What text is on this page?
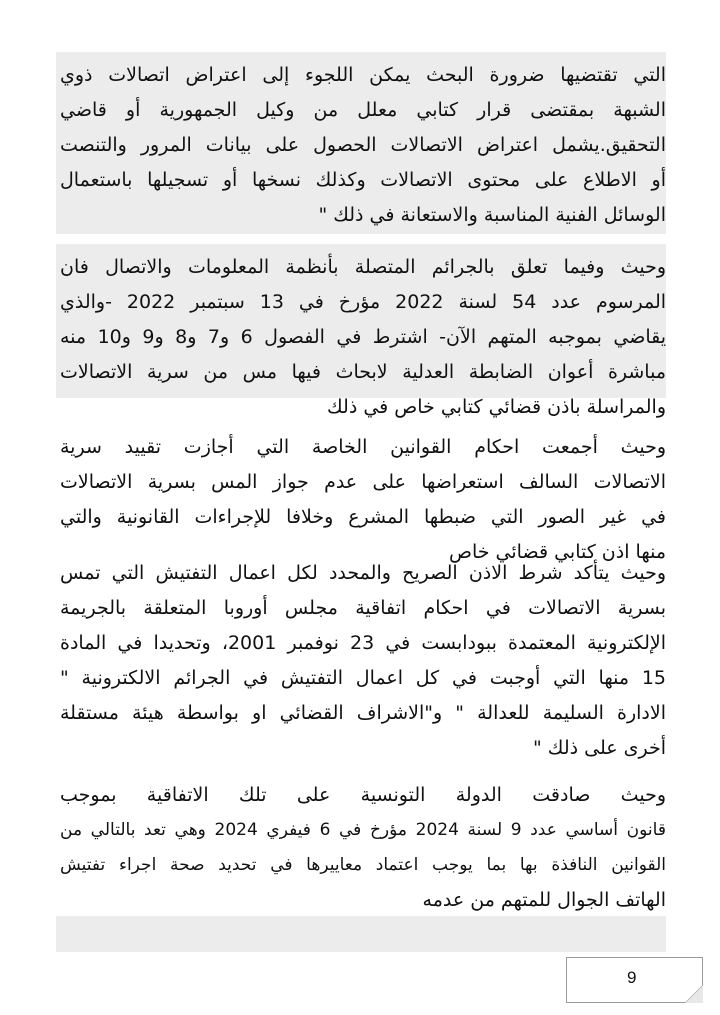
التي تقتضيها ضرورة البحث يمكن اللجوء إلى اعتراض اتصالات ذوي
الشبهة بمقتضى قرار كتابي معلل من وكيل الجمهورية أو قاضي
التحقيق.يشمل اعتراض الاتصالات الحصول على بيانات المرور والتنصت
أو الاطلاع على محتوى الاتصالات وكذلك نسخها أو تسجيلها باستعمال
الوسائل الفنية المناسبة والاستعانة في ذلك "
وحيث وفيما تعلق بالجرائم المتصلة بأنظمة المعلومات والاتصال فان
المرسوم عدد 54 لسنة 2022 مؤرخ في 13 سبتمبر 2022 -والذي
يقاضي بموجبه المتهم الآن- اشترط في الفصول 6 و7 و8 و9 و10 منه
مباشرة أعوان الضابطة العدلية لابحاث فيها مس من سرية الاتصالات
والمراسلة باذن قضائي كتابي خاص في ذلك
وحيث أجمعت احكام القوانين الخاصة التي أجازت تقييد سرية
الاتصالات السالف استعراضها على عدم جواز المس بسرية الاتصالات
في غير الصور التي ضبطها المشرع وخلافا للإجراءات القانونية والتي
منها اذن كتابي قضائي خاص
وحيث يتأكد شرط الاذن الصريح والمحدد لكل اعمال التفتيش التي تمس
بسرية الاتصالات في احكام اتفاقية مجلس أوروبا المتعلقة بالجريمة
الإلكترونية المعتمدة ببودابست في 23 نوفمبر 2001، وتحديدا في المادة
15 منها التي أوجبت في كل اعمال التفتيش في الجرائم الالكترونية "
الادارة السليمة للعدالة " و"الاشراف القضائي او بواسطة هيئة مستقلة
أخرى على ذلك "
وحيث صادقت الدولة التونسية على تلك الاتفاقية بموجب
قانون أساسي عدد 9 لسنة 2024 مؤرخ في 6 فيفري 2024 وهي تعد بالتالي من
القوانين النافذة بها بما يوجب اعتماد معاييرها في تحديد صحة اجراء تفتيش
الهاتف الجوال للمتهم من عدمه
9
